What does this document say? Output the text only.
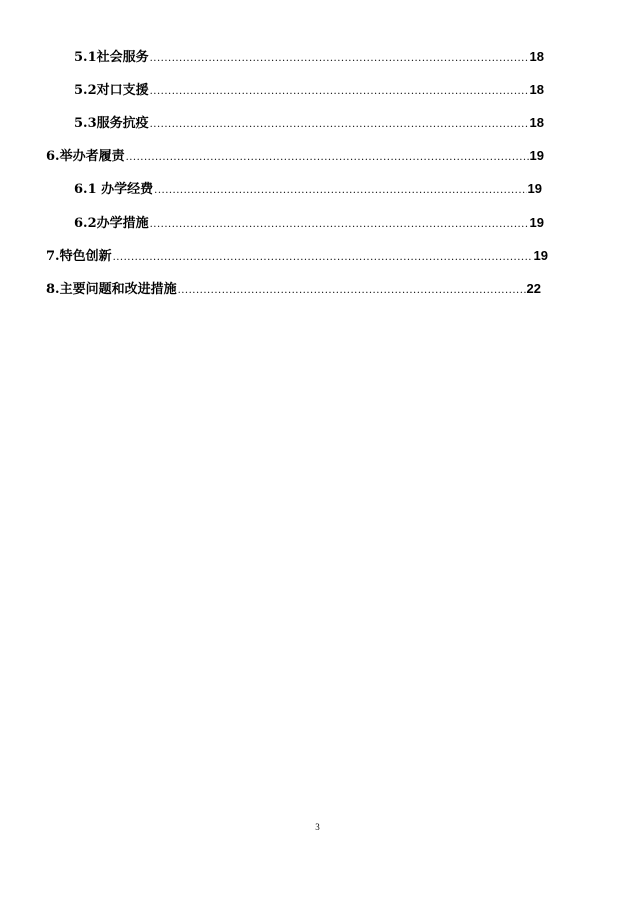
5.1社会服务 .....	18
5.2对口支援 .....	18
5.3服务抗疫 .....	18
6.举办者履责 .....	19
6.1 办学经费 .....	19
6.2办学措施 .....	19
7.特色创新 .....	19
8.主要问题和改进措施 .....	22
3
